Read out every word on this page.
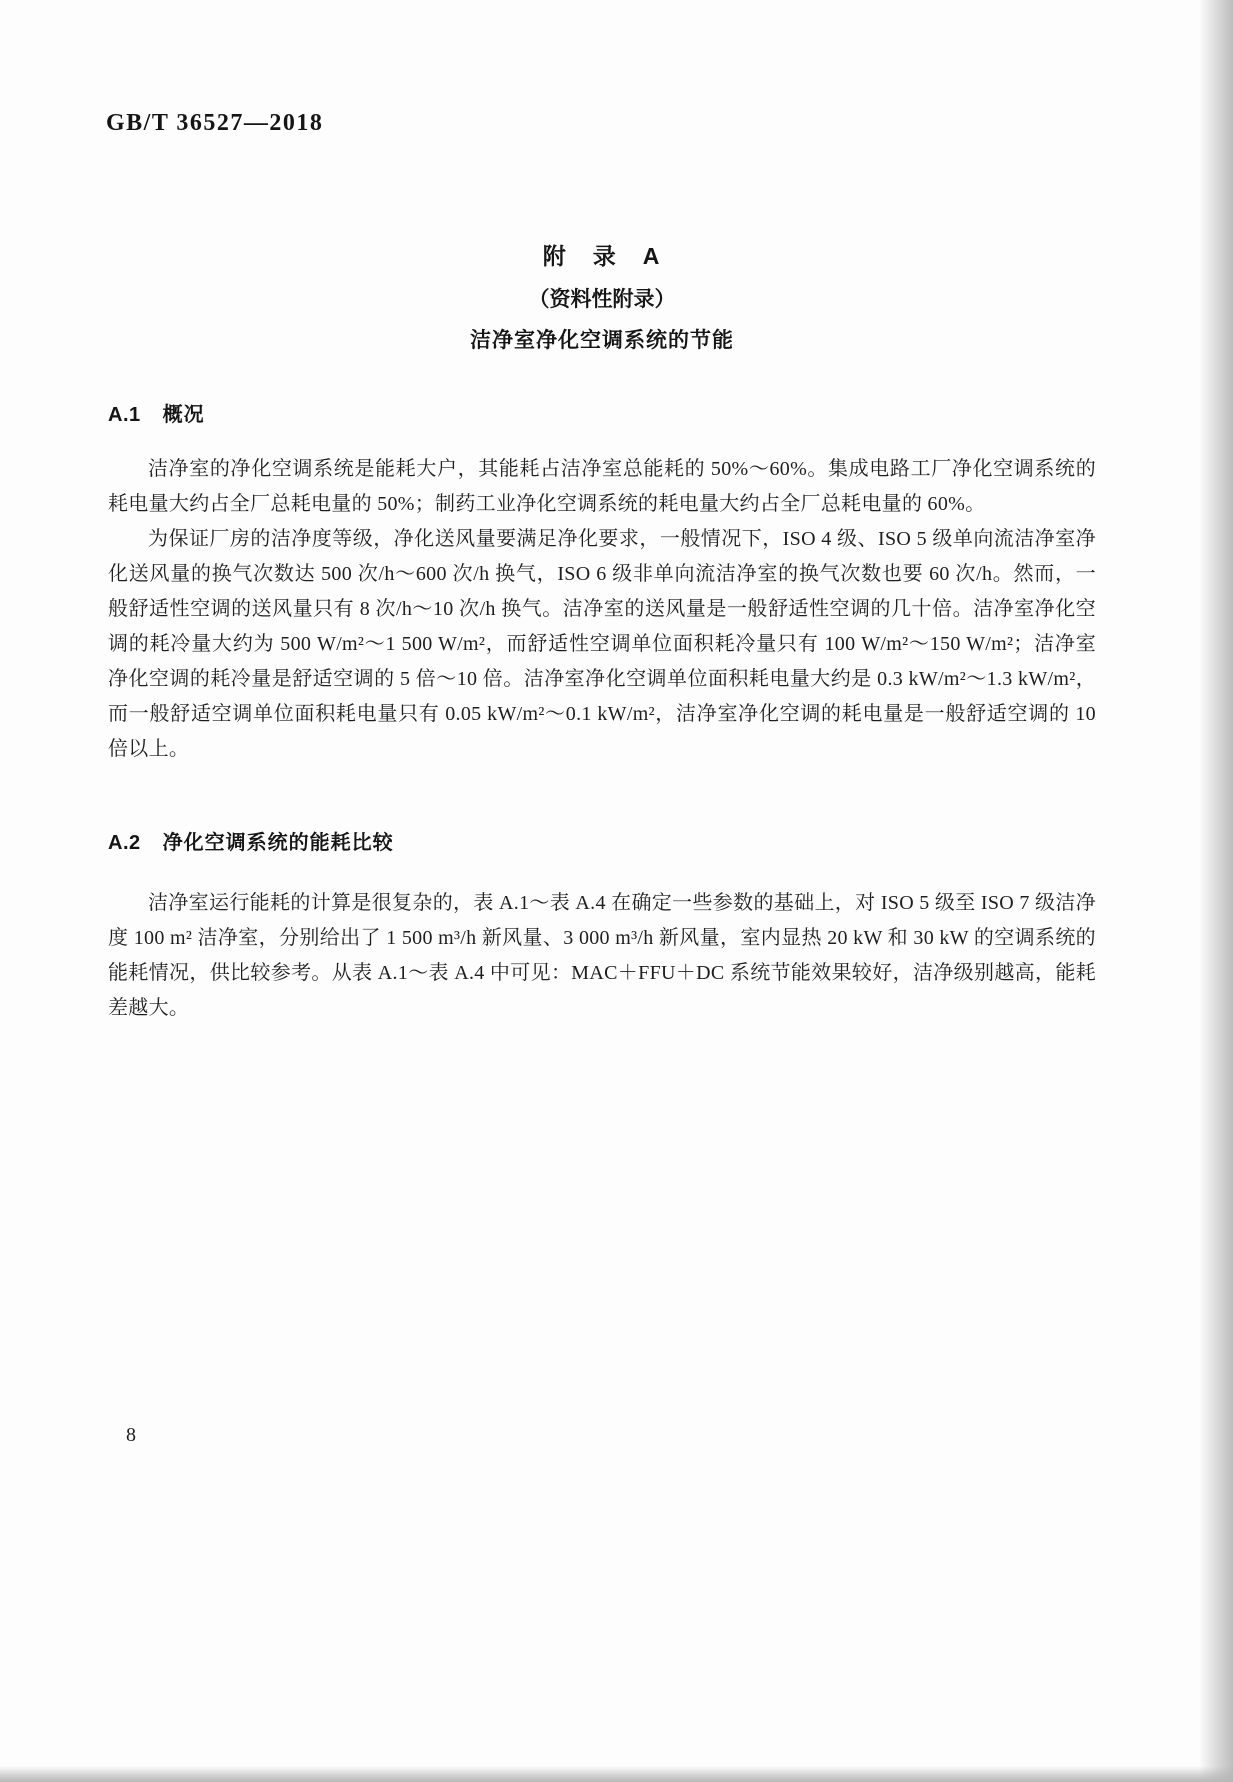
GB/T 36527—2018
附　录　A
（资料性附录）
洁净室净化空调系统的节能
A.1 概况

洁净室的净化空调系统是能耗大户，其能耗占洁净室总能耗的 50%～60%。集成电路工厂净化空调系统的耗电量大约占全厂总耗电量的 50%；制药工业净化空调系统的耗电量大约占全厂总耗电量的 60%。

为保证厂房的洁净度等级，净化送风量要满足净化要求，一般情况下，ISO 4 级、ISO 5 级单向流洁净室净化送风量的换气次数达 500 次/h～600 次/h 换气，ISO 6 级非单向流洁净室的换气次数也要 60 次/h。然而，一般舒适性空调的送风量只有 8 次/h～10 次/h 换气。洁净室的送风量是一般舒适性空调的几十倍。洁净室净化空调的耗冷量大约为 500 W/m²～1 500 W/m²，而舒适性空调单位面积耗冷量只有 100 W/m²～150 W/m²；洁净室净化空调的耗冷量是舒适空调的 5 倍～10 倍。洁净室净化空调单位面积耗电量大约是 0.3 kW/m²～1.3 kW/m²，而一般舒适空调单位面积耗电量只有 0.05 kW/m²～0.1 kW/m²，洁净室净化空调的耗电量是一般舒适空调的 10 倍以上。

A.2 净化空调系统的能耗比较

洁净室运行能耗的计算是很复杂的，表 A.1～表 A.4 在确定一些参数的基础上，对 ISO 5 级至 ISO 7 级洁净度 100 m² 洁净室，分别给出了 1 500 m³/h 新风量、3 000 m³/h 新风量，室内显热 20 kW 和 30 kW 的空调系统的能耗情况，供比较参考。从表 A.1～表 A.4 中可见：MAC＋FFU＋DC 系统节能效果较好，洁净级别越高，能耗差越大。

8
